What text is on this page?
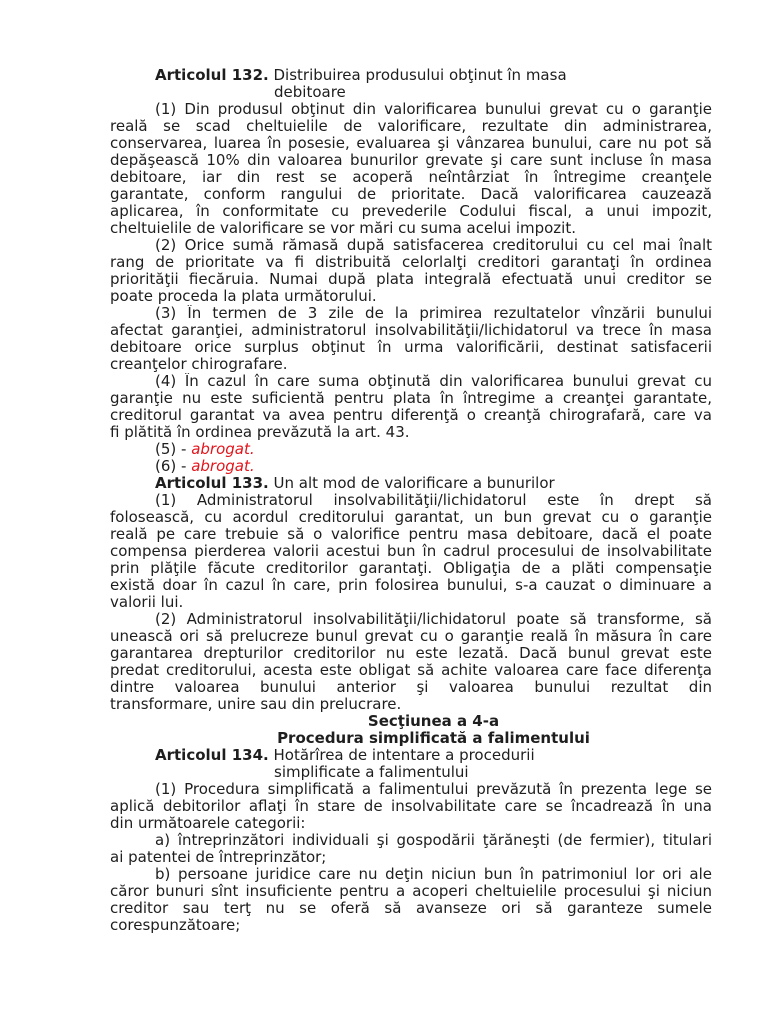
Articolul 132. Distribuirea produsului obţinut în masa
debitoare
(1) Din produsul obţinut din valorificarea bunului grevat cu o garanţie
reală se scad cheltuielile de valorificare, rezultate din administrarea,
conservarea, luarea în posesie, evaluarea şi vânzarea bunului, care nu pot să
depăşească 10% din valoarea bunurilor grevate şi care sunt incluse în masa
debitoare, iar din rest se acoperă neîntârziat în întregime creanţele
garantate, conform rangului de prioritate. Dacă valorificarea cauzează
aplicarea, în conformitate cu prevederile Codului fiscal, a unui impozit,
cheltuielile de valorificare se vor mări cu suma acelui impozit.
(2) Orice sumă rămasă după satisfacerea creditorului cu cel mai înalt
rang de prioritate va fi distribuită celorlalţi creditori garantaţi în ordinea
priorităţii fiecăruia. Numai după plata integrală efectuată unui creditor se
poate proceda la plata următorului.
(3) În termen de 3 zile de la primirea rezultatelor vînzării bunului
afectat garanţiei, administratorul insolvabilităţii/lichidatorul va trece în masa
debitoare orice surplus obţinut în urma valorificării, destinat satisfacerii
creanţelor chirografare.
(4) În cazul în care suma obţinută din valorificarea bunului grevat cu
garanţie nu este suficientă pentru plata în întregime a creanţei garantate,
creditorul garantat va avea pentru diferenţă o creanţă chirografară, care va
fi plătită în ordinea prevăzută la art. 43.
(5) - abrogat.
(6) - abrogat.
Articolul 133. Un alt mod de valorificare a bunurilor
(1) Administratorul insolvabilităţii/lichidatorul este în drept să
folosească, cu acordul creditorului garantat, un bun grevat cu o garanţie
reală pe care trebuie să o valorifice pentru masa debitoare, dacă el poate
compensa pierderea valorii acestui bun în cadrul procesului de insolvabilitate
prin plăţile făcute creditorilor garantaţi. Obligaţia de a plăti compensaţie
există doar în cazul în care, prin folosirea bunului, s-a cauzat o diminuare a
valorii lui.
(2) Administratorul insolvabilităţii/lichidatorul poate să transforme, să
unească ori să prelucreze bunul grevat cu o garanţie reală în măsura în care
garantarea drepturilor creditorilor nu este lezată. Dacă bunul grevat este
predat creditorului, acesta este obligat să achite valoarea care face diferenţa
dintre valoarea bunului anterior şi valoarea bunului rezultat din
transformare, unire sau din prelucrare.
Secţiunea a 4-a
Procedura simplificată a falimentului
Articolul 134. Hotărîrea de intentare a procedurii
simplificate a falimentului
(1) Procedura simplificată a falimentului prevăzută în prezenta lege se
aplică debitorilor aflaţi în stare de insolvabilitate care se încadrează în una
din următoarele categorii:
a) întreprinzători individuali şi gospodării ţărăneşti (de fermier), titulari
ai patentei de întreprinzător;
b) persoane juridice care nu deţin niciun bun în patrimoniul lor ori ale
căror bunuri sînt insuficiente pentru a acoperi cheltuielile procesului şi niciun
creditor sau terţ nu se oferă să avanseze ori să garanteze sumele
corespunzătoare;
